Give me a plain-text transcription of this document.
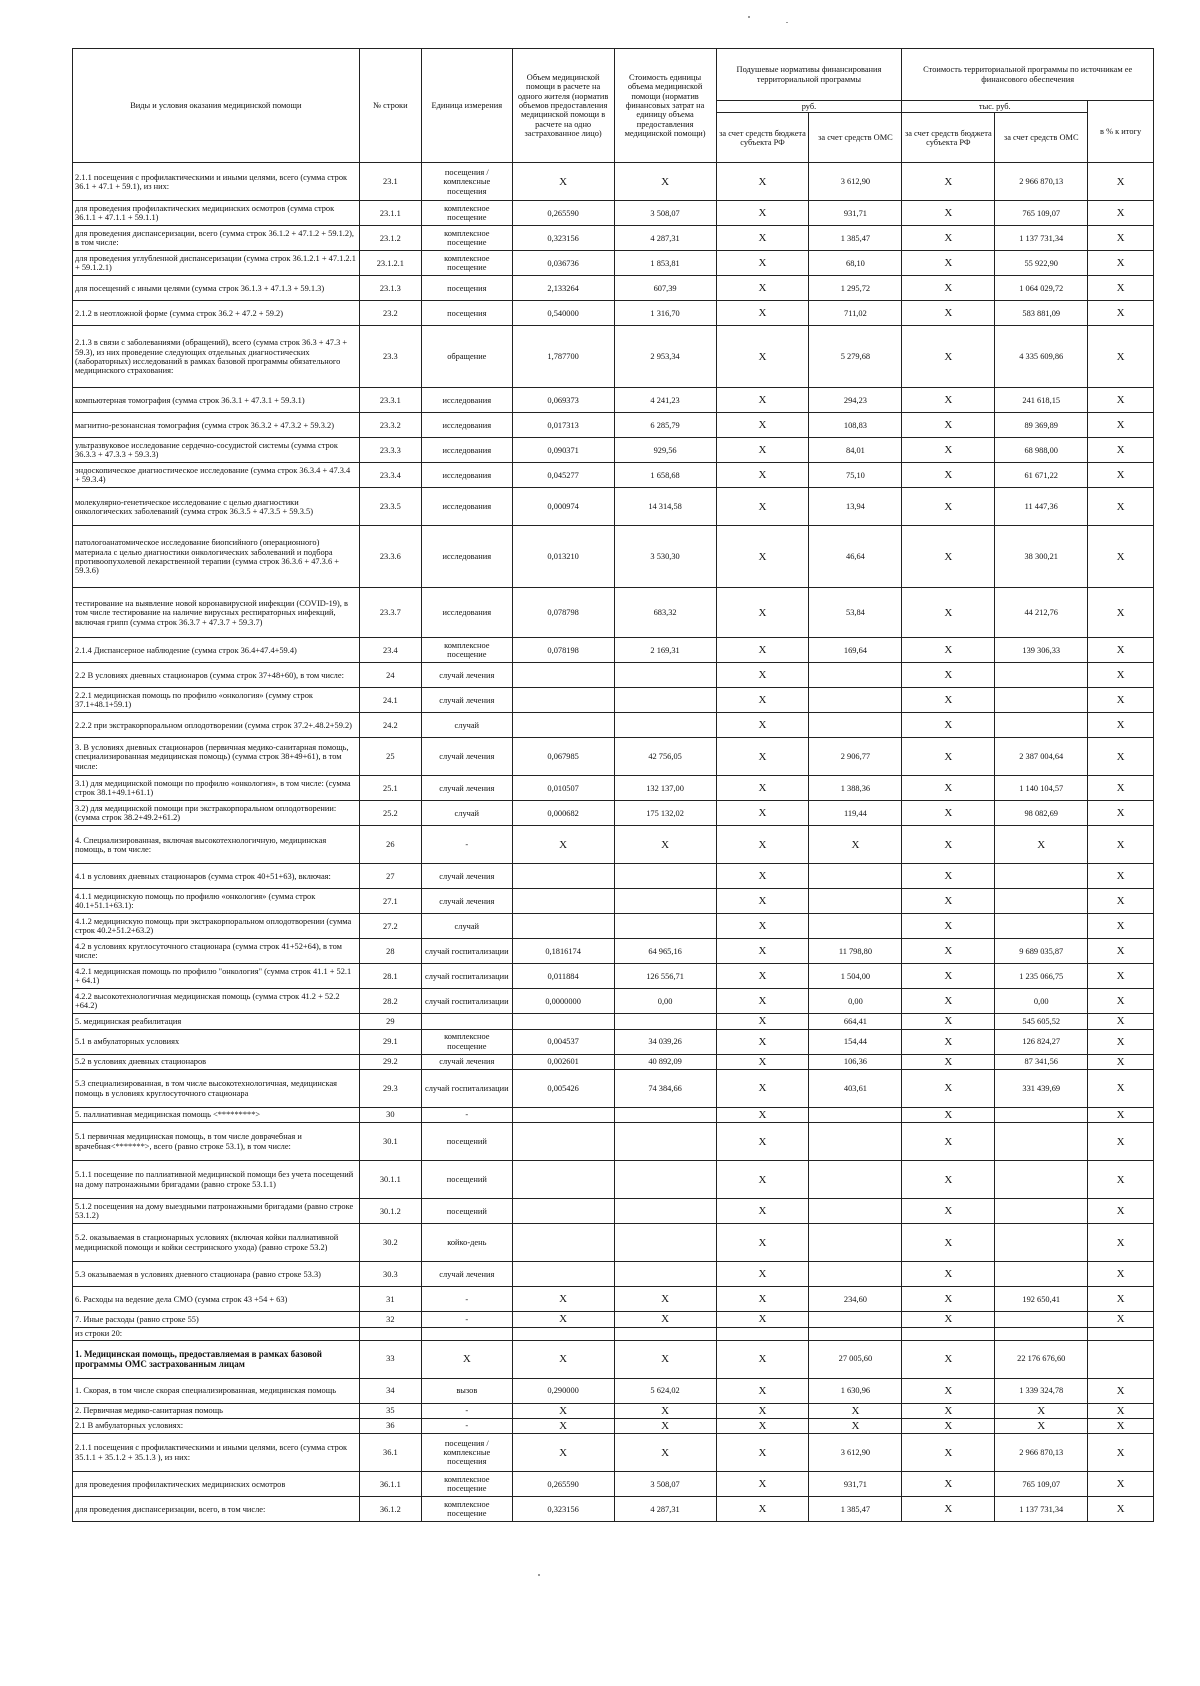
Виды и условия оказания медицинской помощи	№ строки	Единица измерения	Объем медицинской помощи в расчете на одного жителя (норматив объемов предоставления медицинской помощи в расчете на одно застрахованное лицо)	Стоимость единицы объема медицинской помощи (норматив финансовых затрат на единицу объема предоставления медицинской помощи)	Подушевые нормативы финансирования территориальной программы		Стоимость территориальной программы по источникам ее финансового обеспечения		
					руб.		тыс. руб.		в % к итогу
					за счет средств бюджета субъекта РФ	за счет средств ОМС	за счет средств бюджета субъекта РФ	за счет средств ОМС	
2.1.1 посещения с профилактическими и иными целями, всего (сумма строк 36.1 + 47.1 + 59.1), из них:	23.1	посещения / комплексные посещения	Х	Х	Х	3 612,90	Х	2 966 870,13	Х
для проведения профилактических медицинских осмотров (сумма строк 36.1.1 + 47.1.1 + 59.1.1)	23.1.1	комплексное посещение	0,265590	3 508,07	Х	931,71	Х	765 109,07	Х
для проведения диспансеризации, всего (сумма строк 36.1.2 + 47.1.2 + 59.1.2), в том числе:	23.1.2	комплексное посещение	0,323156	4 287,31	Х	1 385,47	Х	1 137 731,34	Х
для проведения углубленной диспансеризации (сумма строк 36.1.2.1 + 47.1.2.1 + 59.1.2.1)	23.1.2.1	комплексное посещение	0,036736	1 853,81	Х	68,10	Х	55 922,90	Х
для посещений с иными целями (сумма строк 36.1.3 + 47.1.3 + 59.1.3)	23.1.3	посещения	2,133264	607,39	Х	1 295,72	Х	1 064 029,72	Х
2.1.2 в неотложной форме (сумма строк 36.2 + 47.2 + 59.2)	23.2	посещения	0,540000	1 316,70	Х	711,02	Х	583 881,09	Х
2.1.3 в связи с заболеваниями (обращений), всего (сумма строк 36.3 + 47.3 + 59.3), из них проведение следующих отдельных диагностических (лабораторных) исследований в рамках базовой программы обязательного медицинского страхования:	23.3	обращение	1,787700	2 953,34	Х	5 279,68	Х	4 335 609,86	Х
компьютерная томография (сумма строк 36.3.1 + 47.3.1 + 59.3.1)	23.3.1	исследования	0,069373	4 241,23	Х	294,23	Х	241 618,15	Х
магнитно-резонансная томография (сумма строк 36.3.2 + 47.3.2 + 59.3.2)	23.3.2	исследования	0,017313	6 285,79	Х	108,83	Х	89 369,89	Х
ультразвуковое исследование сердечно-сосудистой системы (сумма строк 36.3.3 + 47.3.3 + 59.3.3)	23.3.3	исследования	0,090371	929,56	Х	84,01	Х	68 988,00	Х
эндоскопическое диагностическое исследование (сумма строк 36.3.4 + 47.3.4 + 59.3.4)	23.3.4	исследования	0,045277	1 658,68	Х	75,10	Х	61 671,22	Х
молекулярно-генетическое исследование с целью диагностики онкологических заболеваний (сумма строк 36.3.5 + 47.3.5 + 59.3.5)	23.3.5	исследования	0,000974	14 314,58	Х	13,94	Х	11 447,36	Х
патологоанатомическое исследование биопсийного (операционного) материала с целью диагностики онкологических заболеваний и подбора противоопухолевой лекарственной терапии (сумма строк 36.3.6 + 47.3.6 + 59.3.6)	23.3.6	исследования	0,013210	3 530,30	Х	46,64	Х	38 300,21	Х
тестирование на выявление новой коронавирусной инфекции (COVID-19), в том числе тестирование на наличие вирусных респираторных инфекций, включая грипп (сумма строк 36.3.7 + 47.3.7 + 59.3.7)	23.3.7	исследования	0,078798	683,32	Х	53,84	Х	44 212,76	Х
2.1.4 Диспансерное наблюдение (сумма строк 36.4+47.4+59.4)	23.4	комплексное посещение	0,078198	2 169,31	Х	169,64	Х	139 306,33	Х
2.2 В условиях дневных стационаров (сумма строк 37+48+60), в том числе:	24	случай лечения			Х		Х		Х
2.2.1 медицинская помощь по профилю «онкология» (сумму строк 37.1+48.1+59.1)	24.1	случай лечения			Х		Х		Х
2.2.2 при экстракорпоральном оплодотворении (сумма строк 37.2+.48.2+59.2)	24.2	случай			Х		Х		Х
3. В условиях дневных стационаров (первичная медико-санитарная помощь, специализированная медицинская помощь) (сумма строк 38+49+61), в том числе:	25	случай лечения	0,067985	42 756,05	Х	2 906,77	Х	2 387 004,64	Х
3.1) для медицинской помощи по профилю «онкология», в том числе: (сумма строк 38.1+49.1+61.1)	25.1	случай лечения	0,010507	132 137,00	Х	1 388,36	Х	1 140 104,57	Х
3.2) для медицинской помощи при экстракорпоральном оплодотворении: (сумма строк 38.2+49.2+61.2)	25.2	случай	0,000682	175 132,02	Х	119,44	Х	98 082,69	Х
4. Специализированная, включая высокотехнологичную, медицинская помощь, в том числе:	26	-	Х	Х	Х	Х	Х	Х	Х
4.1 в условиях дневных стационаров (сумма строк 40+51+63), включая:	27	случай лечения			Х		Х		Х
4.1.1 медицинскую помощь по профилю «онкология» (сумма строк 40.1+51.1+63.1):	27.1	случай лечения			Х		Х		Х
4.1.2 медицинскую помощь при экстракорпоральном оплодотворении (сумма строк 40.2+51.2+63.2)	27.2	случай			Х		Х		Х
4.2 в условиях круглосуточного стационара (сумма строк 41+52+64), в том числе:	28	случай госпитализации	0,1816174	64 965,16	Х	11 798,80	Х	9 689 035,87	Х
4.2.1 медицинская помощь по профилю "онкология" (сумма строк 41.1 + 52.1 + 64.1)	28.1	случай госпитализации	0,011884	126 556,71	Х	1 504,00	Х	1 235 066,75	Х
4.2.2 высокотехнологичная медицинская помощь (сумма строк 41.2 + 52.2 +64.2)	28.2	случай госпитализации	0,0000000	0,00	Х	0,00	Х	0,00	Х
5. медицинская реабилитация	29				Х	664,41	Х	545 605,52	Х
5.1 в амбулаторных условиях	29.1	комплексное посещение	0,004537	34 039,26	Х	154,44	Х	126 824,27	Х
5.2 в условиях дневных стационаров	29.2	случай лечения	0,002601	40 892,09	Х	106,36	Х	87 341,56	Х
5.3 специализированная, в том числе высокотехнологичная, медицинская помощь в условиях круглосуточного стационара	29.3	случай госпитализации	0,005426	74 384,66	Х	403,61	Х	331 439,69	Х
5. паллиативная медицинская помощь <*********>	30	-			Х		Х		Х
5.1 первичная медицинская помощь, в том числе доврачебная и врачебная<*******>, всего (равно строке 53.1), в том числе:	30.1	посещений			Х		Х		Х
5.1.1 посещение по паллиативной медицинской помощи без учета посещений на дому патронажными бригадами (равно строке 53.1.1)	30.1.1	посещений			Х		Х		Х
5.1.2 посещения на дому выездными патронажными бригадами (равно строке 53.1.2)	30.1.2	посещений			Х		Х		Х
5.2. оказываемая в стационарных условиях (включая койки паллиативной медицинской помощи и койки сестринского ухода) (равно строке 53.2)	30.2	койко-день			Х		Х		Х
5.3 оказываемая в условиях дневного стационара (равно строке 53.3)	30.3	случай лечения			Х		Х		Х
6. Расходы на ведение дела СМО (сумма строк 43 +54 + 63)	31	-	Х	Х	Х	234,60	Х	192 650,41	Х
7. Иные расходы (равно строке 55)	32	-	Х	Х	Х		Х		Х
из строки 20:									
1. Медицинская помощь, предоставляемая в рамках базовой программы ОМС застрахованным лицам	33	Х	Х	Х	Х	27 005,60	Х	22 176 676,60	
1. Скорая, в том числе скорая специализированная, медицинская помощь	34	вызов	0,290000	5 624,02	Х	1 630,96	Х	1 339 324,78	Х
2. Первичная медико-санитарная помощь	35	-	Х	Х	Х	Х	Х	Х	Х
2.1 В амбулаторных условиях:	36	-	Х	Х	Х	Х	Х	Х	Х
2.1.1 посещения с профилактическими и иными целями, всего (сумма строк 35.1.1 + 35.1.2 + 35.1.3 ), из них:	36.1	посещения / комплексные посещения	Х	Х	Х	3 612,90	Х	2 966 870,13	Х
для проведения профилактических медицинских осмотров	36.1.1	комплексное посещение	0,265590	3 508,07	Х	931,71	Х	765 109,07	Х
для проведения диспансеризации, всего, в том числе:	36.1.2	комплексное посещение	0,323156	4 287,31	Х	1 385,47	Х	1 137 731,34	Х
